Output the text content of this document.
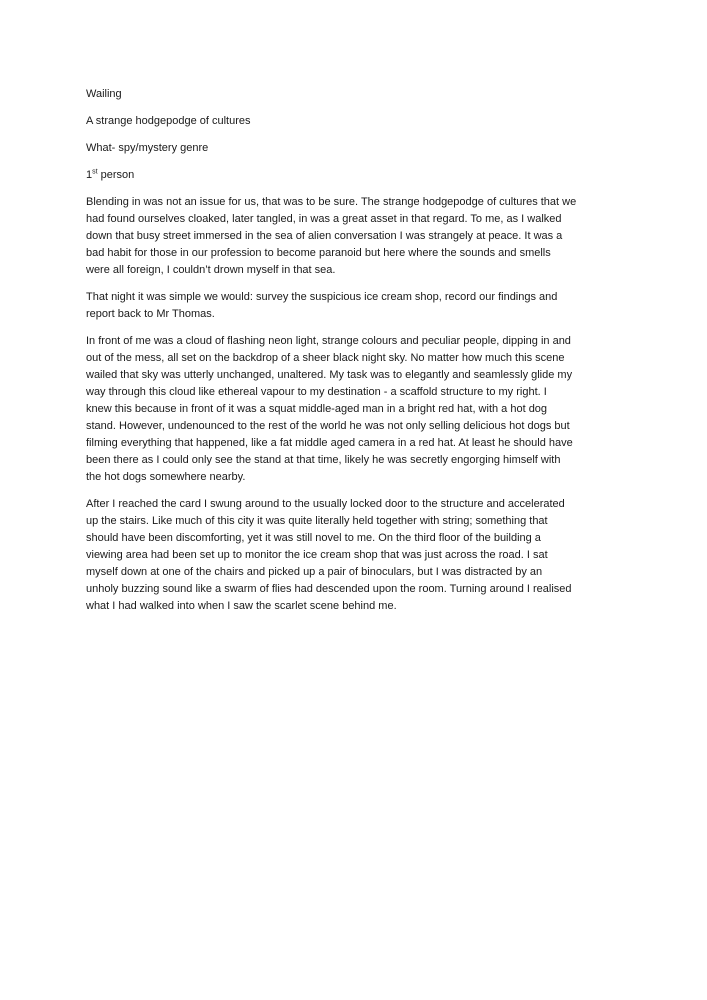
Wailing

A strange hodgepodge of cultures

What- spy/mystery genre

1st person

Blending in was not an issue for us, that was to be sure. The strange hodgepodge of cultures that we
had found ourselves cloaked, later tangled, in was a great asset in that regard. To me, as I walked
down that busy street immersed in the sea of alien conversation I was strangely at peace. It was a
bad habit for those in our profession to become paranoid but here where the sounds and smells
were all foreign, I couldn’t drown myself in that sea.

That night it was simple we would: survey the suspicious ice cream shop, record our findings and
report back to Mr Thomas.

In front of me was a cloud of flashing neon light, strange colours and peculiar people, dipping in and
out of the mess, all set on the backdrop of a sheer black night sky. No matter how much this scene
wailed that sky was utterly unchanged, unaltered. My task was to elegantly and seamlessly glide my
way through this cloud like ethereal vapour to my destination - a scaffold structure to my right. I
knew this because in front of it was a squat middle-aged man in a bright red hat, with a hot dog
stand. However, undenounced to the rest of the world he was not only selling delicious hot dogs but
filming everything that happened, like a fat middle aged camera in a red hat. At least he should have
been there as I could only see the stand at that time, likely he was secretly engorging himself with
the hot dogs somewhere nearby.

After I reached the card I swung around to the usually locked door to the structure and accelerated
up the stairs. Like much of this city it was quite literally held together with string; something that
should have been discomforting, yet it was still novel to me. On the third floor of the building a
viewing area had been set up to monitor the ice cream shop that was just across the road. I sat
myself down at one of the chairs and picked up a pair of binoculars, but I was distracted by an
unholy buzzing sound like a swarm of flies had descended upon the room. Turning around I realised
what I had walked into when I saw the scarlet scene behind me.
